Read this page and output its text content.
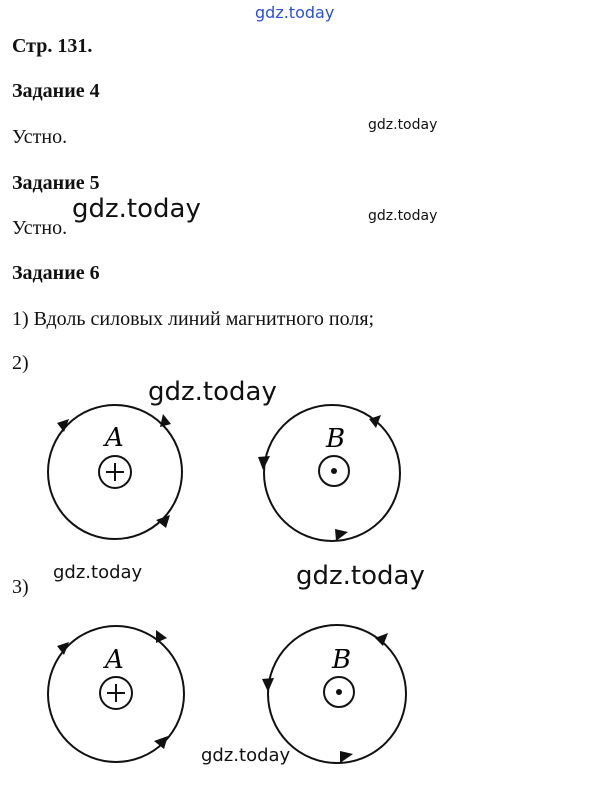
gdz.today
Стр. 131.
Задание 4
Устно.
gdz.today
Задание 5
Устно.
gdz.today	gdz.today
Задание 6
1) Вдоль силовых линий магнитного поля;
2)
gdz.today
A	B
3)
gdz.today	gdz.today
A	B
gdz.today
